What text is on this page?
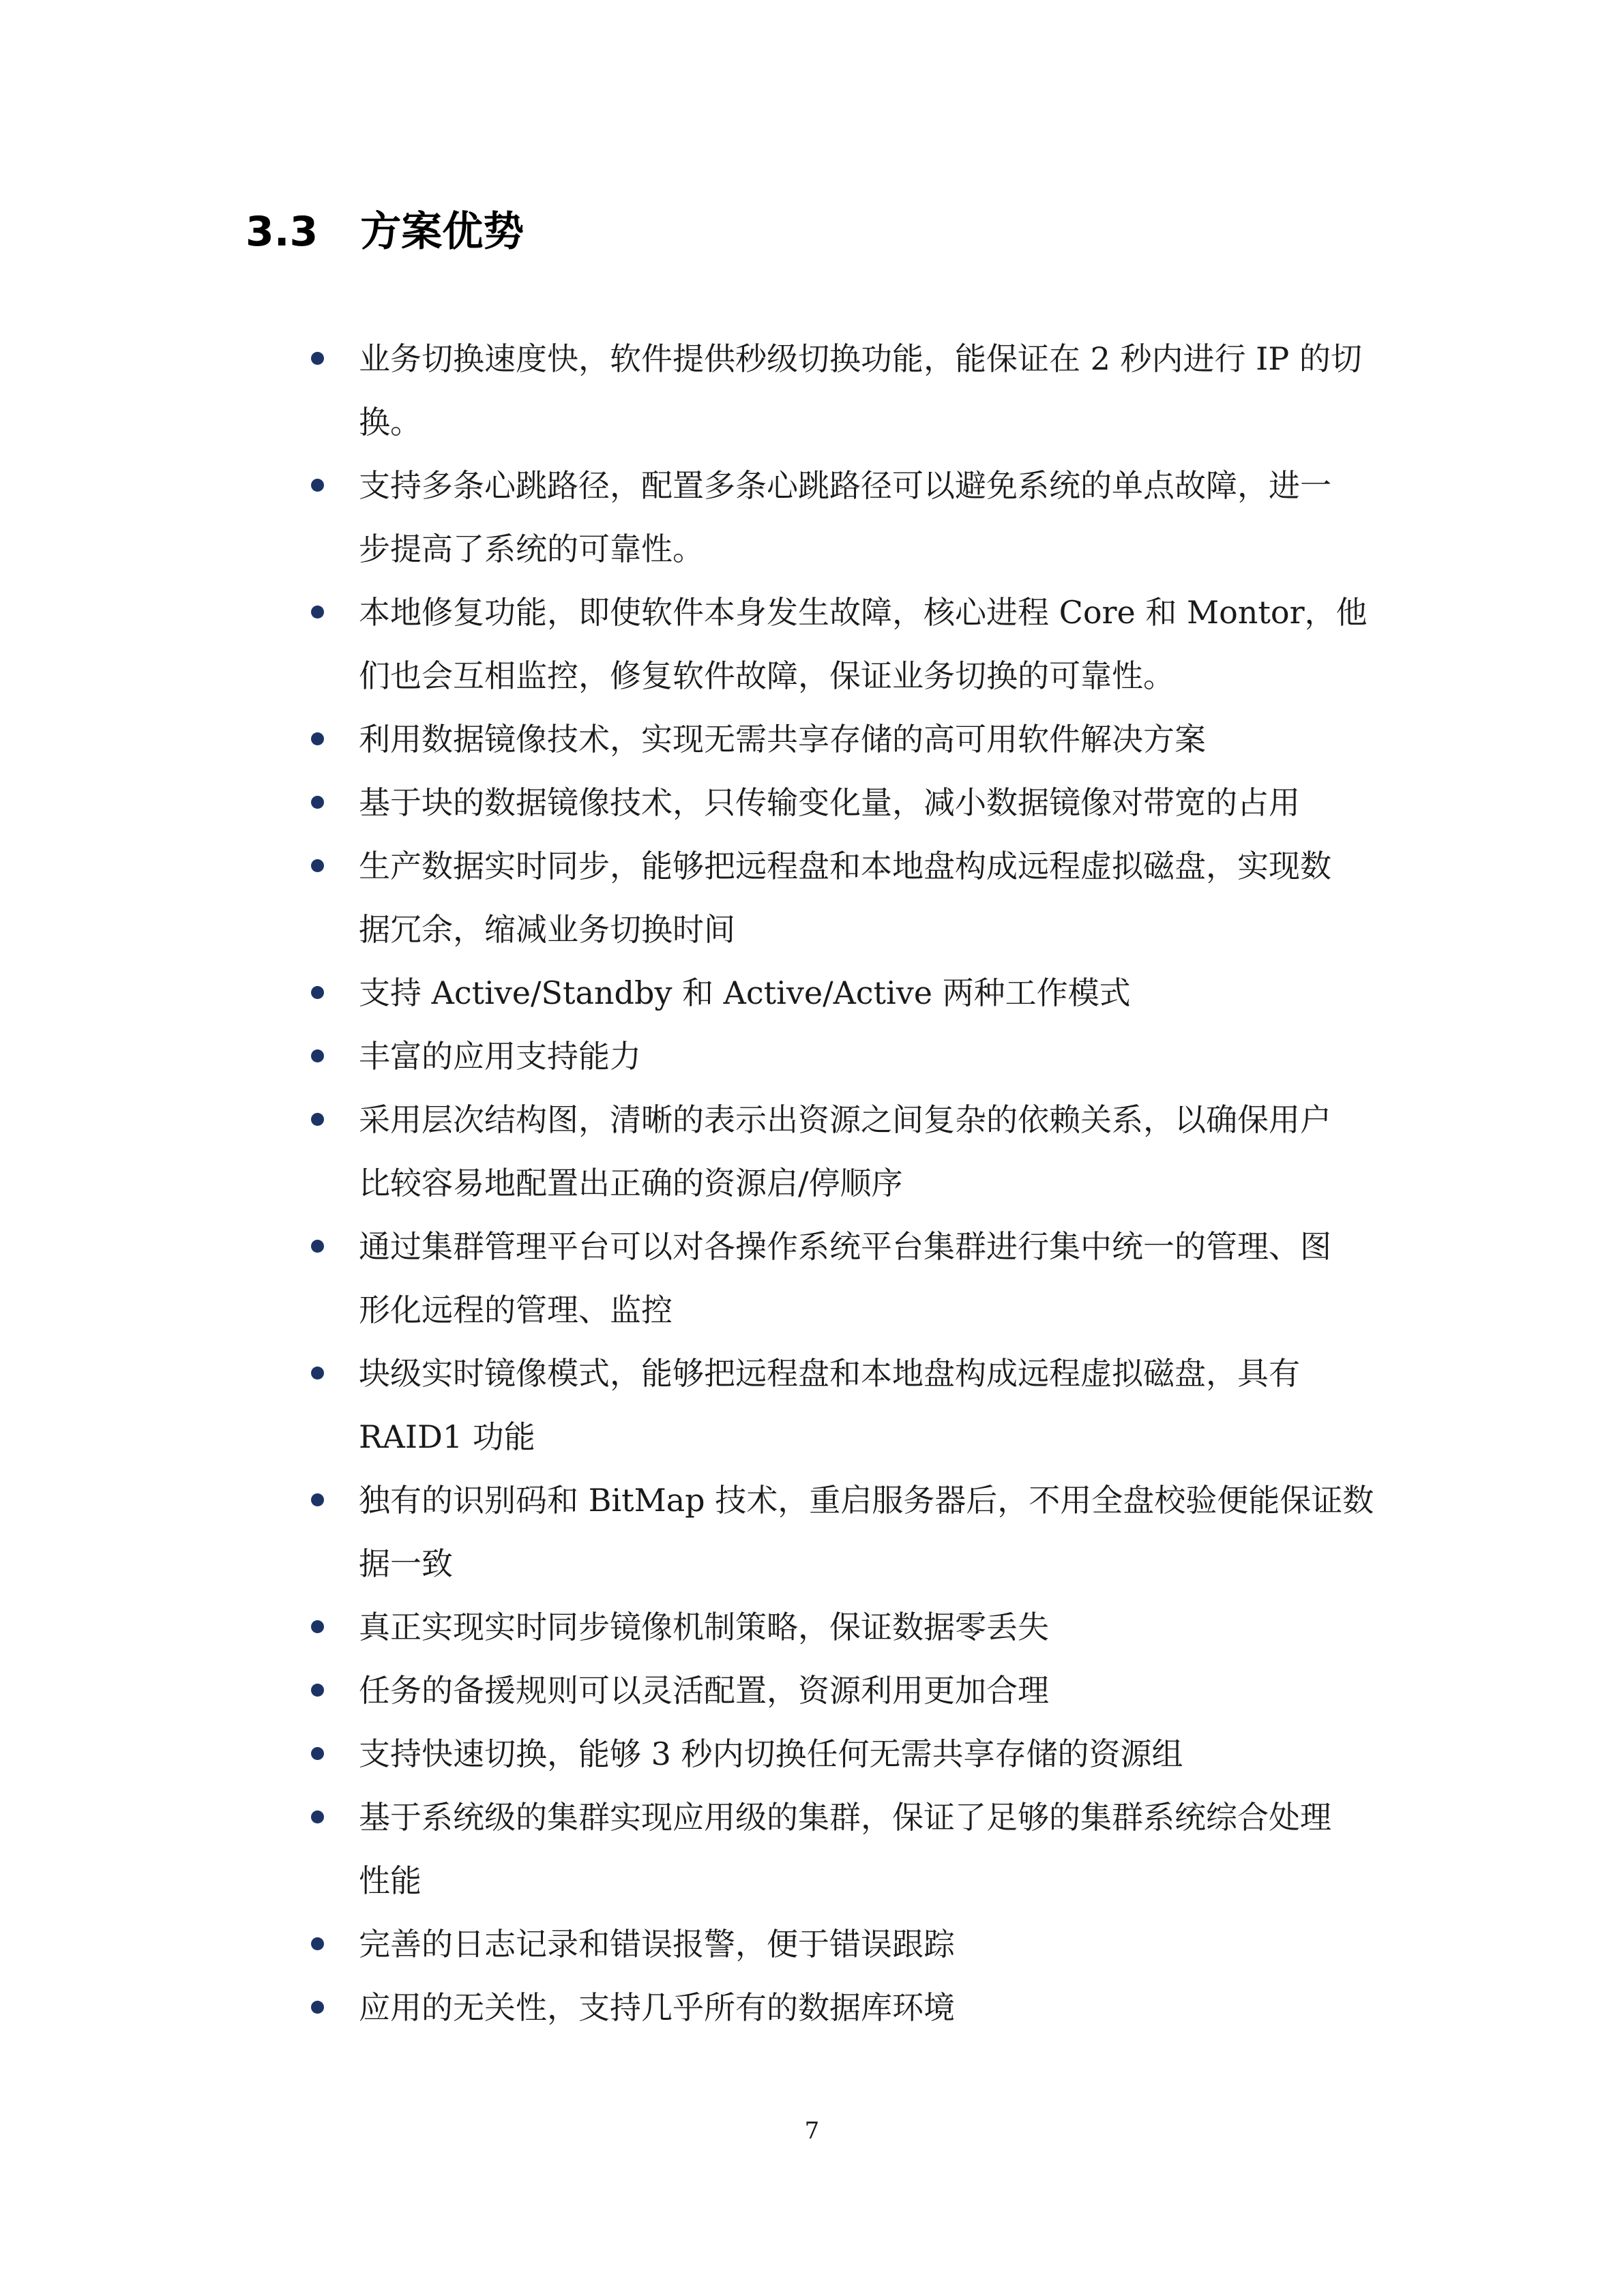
3.3 方案优势
业务切换速度快，软件提供秒级切换功能，能保证在 2 秒内进行 IP 的切
换。
支持多条心跳路径，配置多条心跳路径可以避免系统的单点故障，进一
步提高了系统的可靠性。
本地修复功能，即使软件本身发生故障，核心进程 Core 和 Montor，他
们也会互相监控，修复软件故障，保证业务切换的可靠性。
利用数据镜像技术，实现无需共享存储的高可用软件解决方案
基于块的数据镜像技术，只传输变化量，减小数据镜像对带宽的占用
生产数据实时同步，能够把远程盘和本地盘构成远程虚拟磁盘，实现数
据冗余，缩减业务切换时间
支持 Active/Standby 和 Active/Active 两种工作模式
丰富的应用支持能力
采用层次结构图，清晰的表示出资源之间复杂的依赖关系，以确保用户
比较容易地配置出正确的资源启/停顺序
通过集群管理平台可以对各操作系统平台集群进行集中统一的管理、图
形化远程的管理、监控
块级实时镜像模式，能够把远程盘和本地盘构成远程虚拟磁盘，具有
RAID1 功能
独有的识别码和 BitMap 技术，重启服务器后，不用全盘校验便能保证数
据一致
真正实现实时同步镜像机制策略，保证数据零丢失
任务的备援规则可以灵活配置，资源利用更加合理
支持快速切换，能够 3 秒内切换任何无需共享存储的资源组
基于系统级的集群实现应用级的集群，保证了足够的集群系统综合处理
性能
完善的日志记录和错误报警，便于错误跟踪
应用的无关性，支持几乎所有的数据库环境
7
